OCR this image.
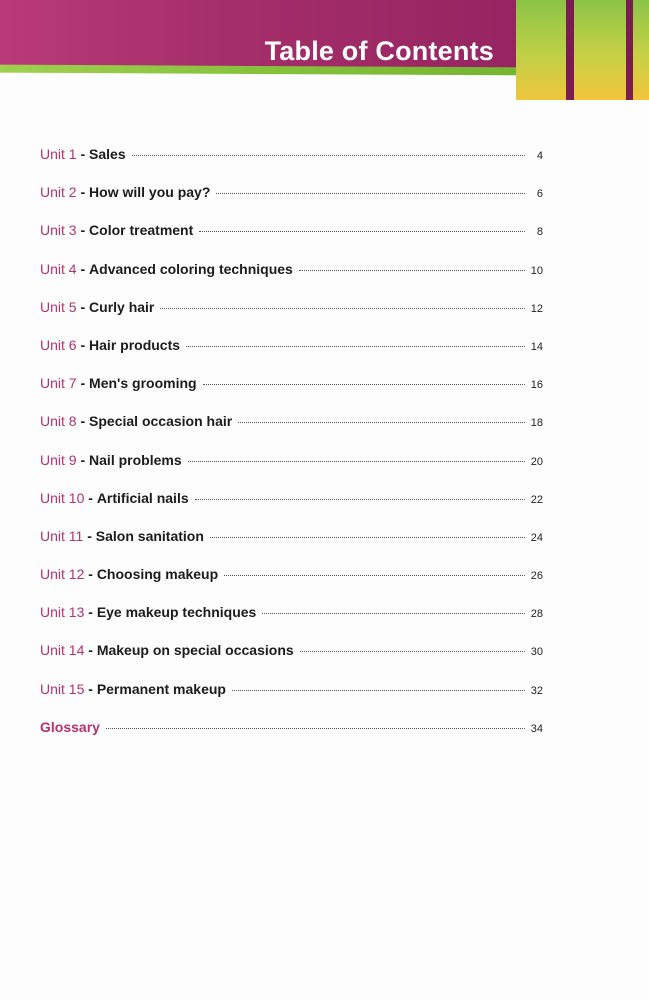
Table of Contents
Unit 1 - Sales	4
Unit 2 - How will you pay?	6
Unit 3 - Color treatment	8
Unit 4 - Advanced coloring techniques	10
Unit 5 - Curly hair	12
Unit 6 - Hair products	14
Unit 7 - Men's grooming	16
Unit 8 - Special occasion hair	18
Unit 9 - Nail problems	20
Unit 10 - Artificial nails	22
Unit 11 - Salon sanitation	24
Unit 12 - Choosing makeup	26
Unit 13 - Eye makeup techniques	28
Unit 14 - Makeup on special occasions	30
Unit 15 - Permanent makeup	32
Glossary	34
